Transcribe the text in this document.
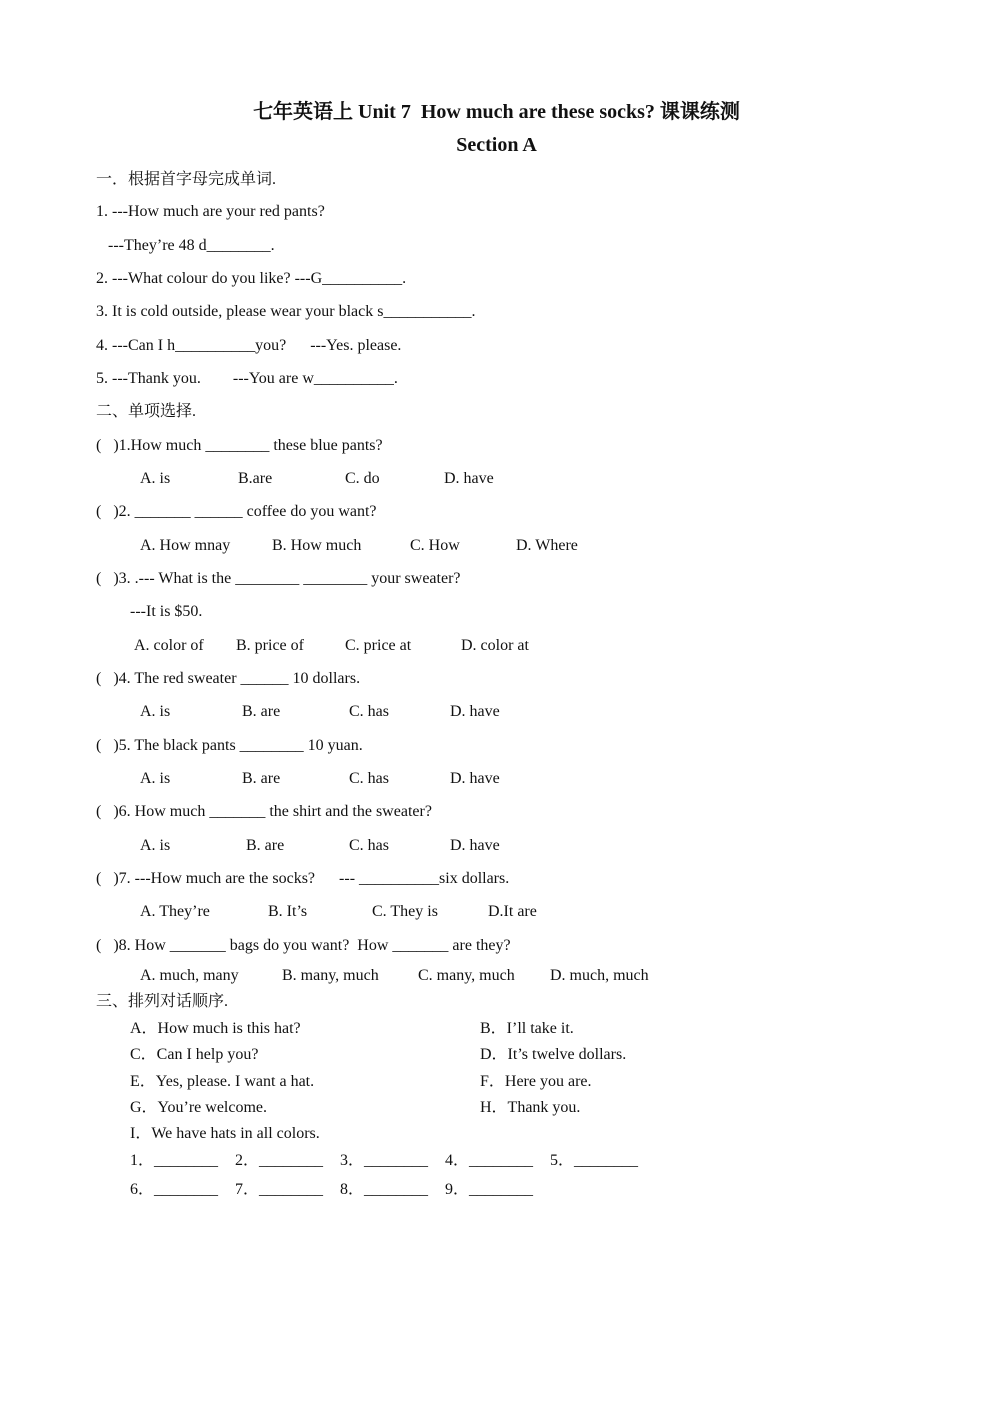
七年英语上 Unit 7  How much are these socks? 课课练测
Section A
一．根据首字母完成单词.
1. ---How much are your red pants?
---They’re 48 d________.
2. ---What colour do you like? ---G__________.
3. It is cold outside, please wear your black s___________.
4. ---Can I h__________you?      ---Yes. please.
5. ---Thank you.        ---You are w__________.
二、单项选择.
(   )1.How much ________ these blue pants?
A. is	B.are	C. do	D. have
(   )2. _______ ______ coffee do you want?
A. How mnay	B. How much	C. How	D. Where
(   )3. .--- What is the ________ ________ your sweater?
---It is $50.
A. color of B. price of	C. price at	D. color at
(   )4. The red sweater ______ 10 dollars.
A. is	B. are	C. has	D. have
(   )5. The black pants ________ 10 yuan.
A. is	B. are	C. has	D. have
(   )6. How much _______ the shirt and the sweater?
A. is	B. are	C. has	D. have
(   )7. ---How much are the socks?      --- __________six dollars.
A. They’re	B. It’s	C. They is	D.It are
(   )8. How _______ bags do you want?  How _______ are they?
A. much, many	B. many, much C. many, much D. much, much
三、排列对话顺序.
A．How much is this hat?	B．I’ll take it.
C．Can I help you?	D．It’s twelve dollars.
E．Yes, please. I want a hat.	F．Here you are.
G．You’re welcome.	H．Thank you.
I．We have hats in all colors.
1．________ 2．________ 3．________ 4．________ 5．________
6．________ 7．________ 8．________ 9．________
